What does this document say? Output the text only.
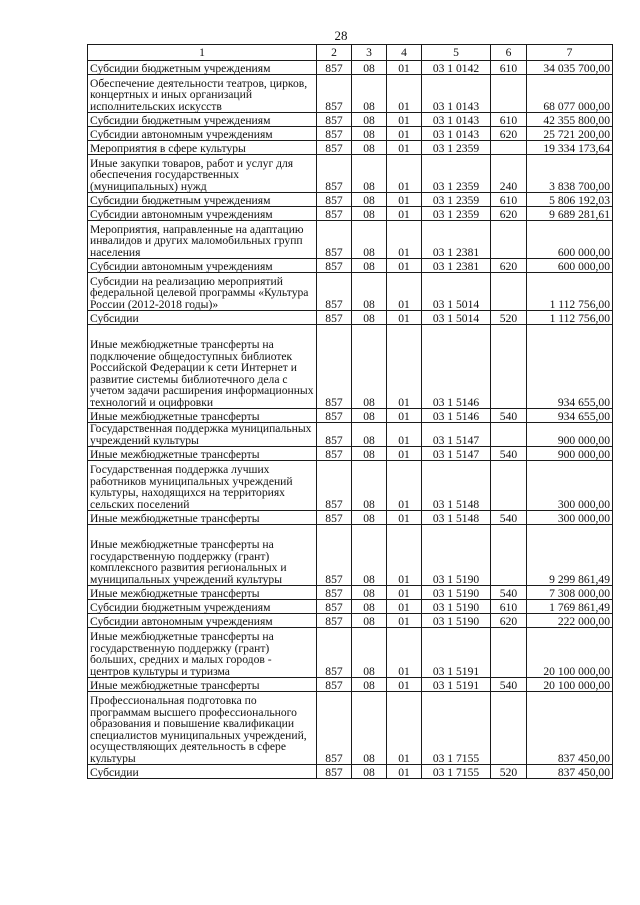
28
1	2	3	4	5	6	7
Субсидии бюджетным учреждениям	857	08	01	03 1 0142	610	34 035 700,00
Обеспечение деятельности театров, цирков, концертных и иных организаций исполнительских искусств	857	08	01	03 1 0143		68 077 000,00
Субсидии бюджетным учреждениям	857	08	01	03 1 0143	610	42 355 800,00
Субсидии автономным учреждениям	857	08	01	03 1 0143	620	25 721 200,00
Мероприятия в сфере культуры	857	08	01	03 1 2359		19 334 173,64
Иные закупки товаров, работ и услуг для обеспечения государственных (муниципальных) нужд	857	08	01	03 1 2359	240	3 838 700,00
Субсидии бюджетным учреждениям	857	08	01	03 1 2359	610	5 806 192,03
Субсидии автономным учреждениям	857	08	01	03 1 2359	620	9 689 281,61
Мероприятия, направленные на адаптацию инвалидов и других маломобильных групп населения	857	08	01	03 1 2381		600 000,00
Субсидии автономным учреждениям	857	08	01	03 1 2381	620	600 000,00
Субсидии на реализацию мероприятий федеральной целевой программы «Культура России (2012-2018 годы)»	857	08	01	03 1 5014		1 112 756,00
Субсидии	857	08	01	03 1 5014	520	1 112 756,00
Иные межбюджетные трансферты на подключение общедоступных библиотек Российской Федерации к сети Интернет и развитие системы библиотечного дела с учетом задачи расширения информационных технологий и оцифровки	857	08	01	03 1 5146		934 655,00
Иные межбюджетные трансферты	857	08	01	03 1 5146	540	934 655,00
Государственная поддержка муниципальных учреждений культуры	857	08	01	03 1 5147		900 000,00
Иные межбюджетные трансферты	857	08	01	03 1 5147	540	900 000,00
Государственная поддержка лучших работников муниципальных учреждений культуры, находящихся на территориях сельских поселений	857	08	01	03 1 5148		300 000,00
Иные межбюджетные трансферты	857	08	01	03 1 5148	540	300 000,00
Иные межбюджетные трансферты на государственную поддержку (грант) комплексного развития региональных и муниципальных учреждений культуры	857	08	01	03 1 5190		9 299 861,49
Иные межбюджетные трансферты	857	08	01	03 1 5190	540	7 308 000,00
Субсидии бюджетным учреждениям	857	08	01	03 1 5190	610	1 769 861,49
Субсидии автономным учреждениям	857	08	01	03 1 5190	620	222 000,00
Иные межбюджетные трансферты на государственную поддержку (грант) больших, средних и малых городов - центров культуры и туризма	857	08	01	03 1 5191		20 100 000,00
Иные межбюджетные трансферты	857	08	01	03 1 5191	540	20 100 000,00
Профессиональная подготовка по программам высшего профессионального образования и повышение квалификации специалистов муниципальных учреждений, осуществляющих деятельность в сфере культуры	857	08	01	03 1 7155		837 450,00
Субсидии	857	08	01	03 1 7155	520	837 450,00
